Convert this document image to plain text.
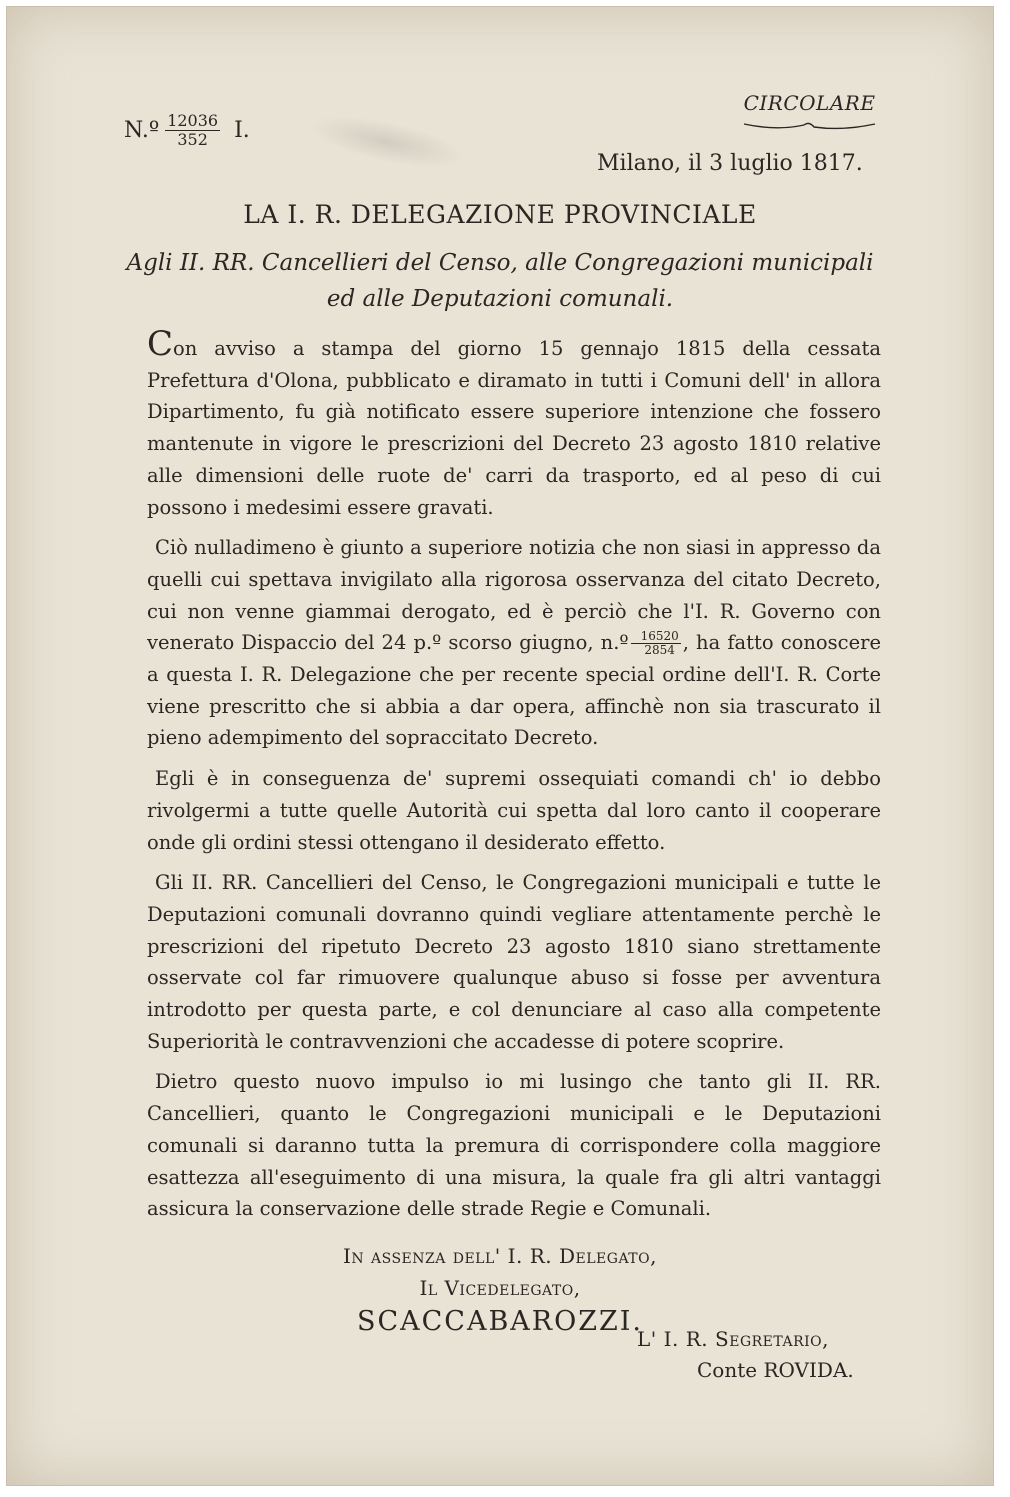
CIRCOLARE
N.º $\frac{12036}{352} I$.
Milano, il 3 luglio 1817.
LA I. R. DELEGAZIONE PROVINCIALE
Agli II. RR. Cancellieri del Censo, alle Congregazioni municipali
ed alle Deputazioni comunali.

Con avviso a stampa del giorno 15 gennajo 1815 della cessata Prefettura d'Olona, pubblicato e diramato in tutti i Comuni dell' in allora Dipartimento, fu già notificato essere superiore intenzione che fossero mantenute in vigore le prescrizioni del Decreto 23 agosto 1810 relative alle dimensioni delle ruote de' carri da trasporto, ed al peso di cui possono i medesimi essere gravati.

Ciò nulladimeno è giunto a superiore notizia che non siasi in appresso da quelli cui spettava invigilato alla rigorosa osservanza del citato Decreto, cui non venne giammai derogato, ed è perciò che l'I. R. Governo con venerato Dispaccio del 24 p.º scorso giugno, n.º $\frac{16520}{2854}$ , ha fatto conoscere a questa I. R. Delegazione che per recente special ordine dell'I. R. Corte viene prescritto che si abbia a dar opera, affinchè non sia trascurato il pieno adempimento del sopraccitato Decreto.

Egli è in conseguenza de' supremi ossequiati comandi ch' io debbo rivolgermi a tutte quelle Autorità cui spetta dal loro canto il cooperare onde gli ordini stessi ottengano il desiderato effetto.

Gli II. RR. Cancellieri del Censo, le Congregazioni municipali e tutte le Deputazioni comunali dovranno quindi vegliare attentamente perchè le prescrizioni del ripetuto Decreto 23 agosto 1810 siano strettamente osservate col far rimuovere qualunque abuso si fosse per avventura introdotto per questa parte, e col denunciare al caso alla competente Superiorità le contravvenzioni che accadesse di potere scoprire.

Dietro questo nuovo impulso io mi lusingo che tanto gli II. RR. Cancellieri, quanto le Congregazioni municipali e le Deputazioni comunali si daranno tutta la premura di corrispondere colla maggiore esattezza all'eseguimento di una misura, la quale fra gli altri vantaggi assicura la conservazione delle strade Regie e Comunali.

In assenza dell' I. R. Delegato,
Il Vicedelegato,
SCACCABAROZZI.
L' I. R. Segretario,
Conte ROVIDA.
